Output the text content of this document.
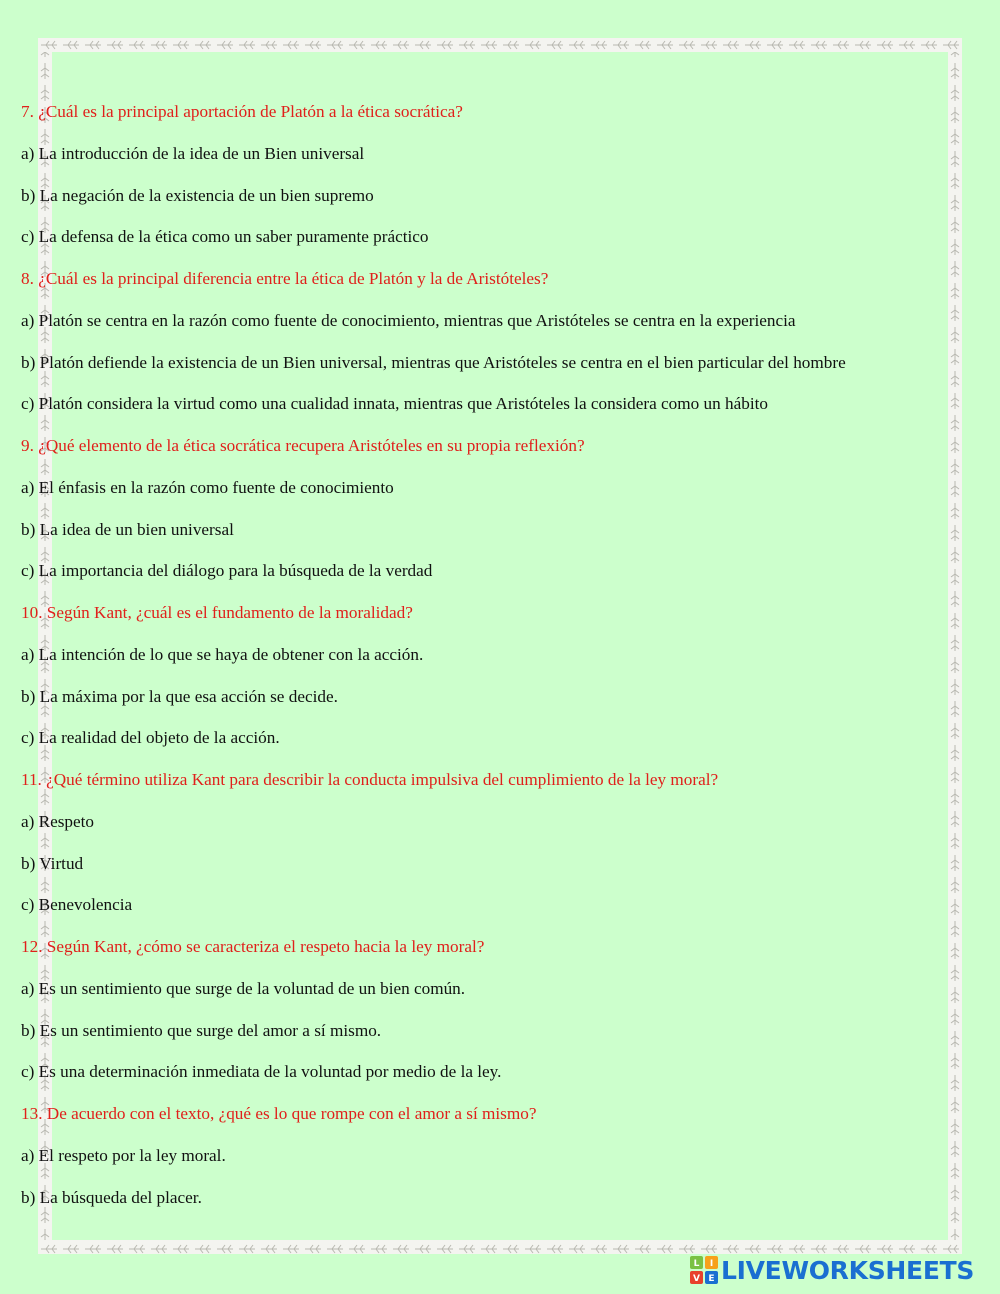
7. ¿Cuál es la principal aportación de Platón a la ética socrática?
a) La introducción de la idea de un Bien universal
b) La negación de la existencia de un bien supremo
c) La defensa de la ética como un saber puramente práctico
8. ¿Cuál es la principal diferencia entre la ética de Platón y la de Aristóteles?
a) Platón se centra en la razón como fuente de conocimiento, mientras que Aristóteles se centra en la experiencia
b) Platón defiende la existencia de un Bien universal, mientras que Aristóteles se centra en el bien particular del hombre
c) Platón considera la virtud como una cualidad innata, mientras que Aristóteles la considera como un hábito
9. ¿Qué elemento de la ética socrática recupera Aristóteles en su propia reflexión?
a) El énfasis en la razón como fuente de conocimiento
b) La idea de un bien universal
c) La importancia del diálogo para la búsqueda de la verdad
10. Según Kant, ¿cuál es el fundamento de la moralidad?
a) La intención de lo que se haya de obtener con la acción.
b) La máxima por la que esa acción se decide.
c) La realidad del objeto de la acción.
11. ¿Qué término utiliza Kant para describir la conducta impulsiva del cumplimiento de la ley moral?
a) Respeto
b) Virtud
c) Benevolencia
12. Según Kant, ¿cómo se caracteriza el respeto hacia la ley moral?
a) Es un sentimiento que surge de la voluntad de un bien común.
b) Es un sentimiento que surge del amor a sí mismo.
c) Es una determinación inmediata de la voluntad por medio de la ley.
13. De acuerdo con el texto, ¿qué es lo que rompe con el amor a sí mismo?
a) El respeto por la ley moral.
b) La búsqueda del placer.
L I
V E LIVEWORKSHEETS
